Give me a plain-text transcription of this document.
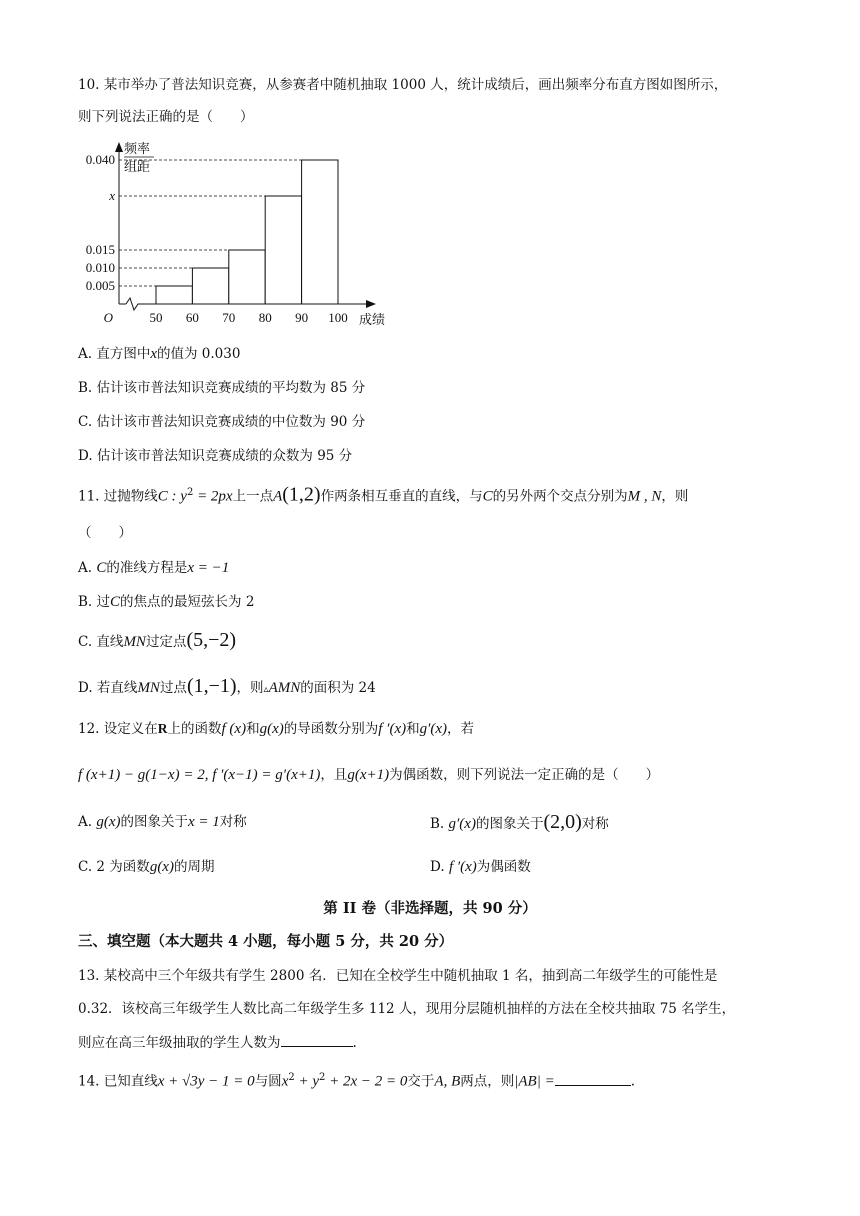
10. 某市举办了普法知识竞赛，从参赛者中随机抽取 1000 人，统计成绩后，画出频率分布直方图如图所示，
则下列说法正确的是（　　）
频率
组距
0.005
0.010
0.015
x
0.040
50 60 70 80 90 100
O	成绩
A. 直方图中x的值为 0.030
B. 估计该市普法知识竞赛成绩的平均数为 85 分
C. 估计该市普法知识竞赛成绩的中位数为 90 分
D. 估计该市普法知识竞赛成绩的众数为 95 分
11. 过抛物线C : $y^2 = 2px$上一点A(1,2)作两条相互垂直的直线，与C的另外两个交点分别为M , N，则
（　　）
A. C的准线方程是x = −1
B. 过C的焦点的最短弦长为 2
C. 直线MN过定点(5,−2)
D. 若直线MN过点(1,−1)，则▵AMN的面积为 24
12. 设定义在R上的函数f (x)和g(x)的导函数分别为f ′(x)和g′(x)，若
f (x+1) − g(1−x) = 2, f ′(x−1) = g′(x+1)，且g(x+1)为偶函数，则下列说法一定正确的是（　　）
A. g(x)的图象关于x = 1对称	B. g′(x)的图象关于(2,0)对称
C. 2 为函数g(x)的周期	D. f ′(x)为偶函数
第 II 卷（非选择题，共 90 分）
三、填空题（本大题共 4 小题，每小题 5 分，共 20 分）
13. 某校高中三个年级共有学生 2800 名．已知在全校学生中随机抽取 1 名，抽到高二年级学生的可能性是
0.32．该校高三年级学生人数比高二年级学生多 112 人，现用分层随机抽样的方法在全校共抽取 75 名学生，
则应在高三年级抽取的学生人数为	.
14. 已知直线x + √3y − 1 = 0与圆$x^2 + y^2 + 2x - 2 = 0$交于A, B两点，则|AB| =	.
